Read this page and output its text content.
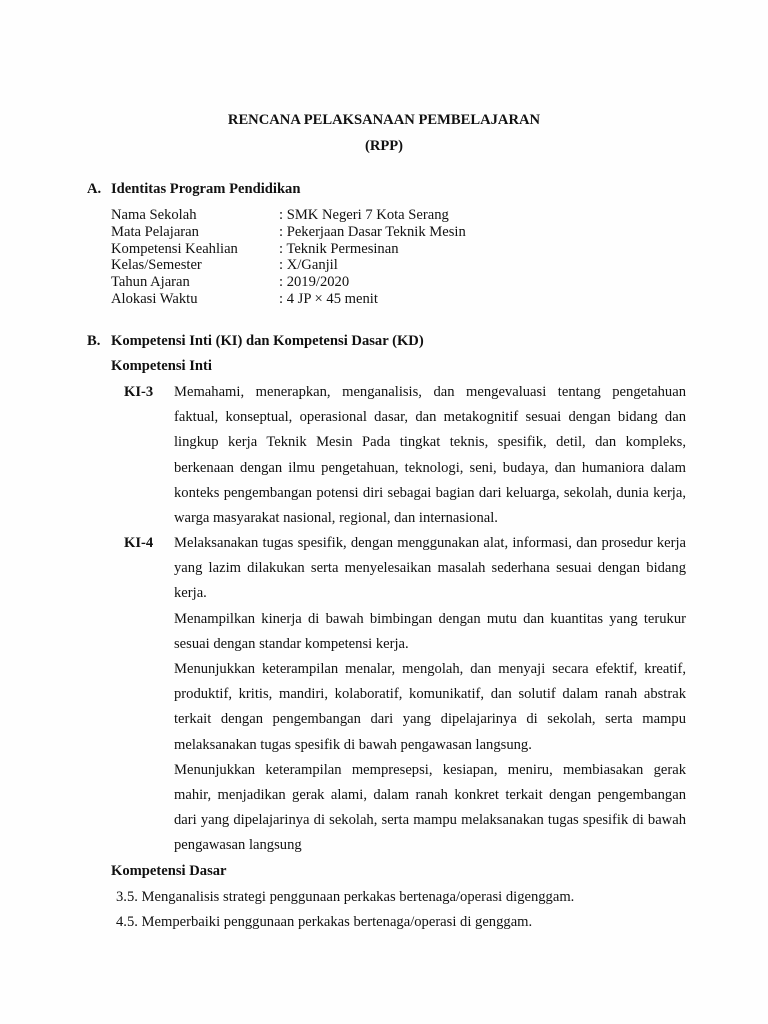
RENCANA PELAKSANAAN PEMBELAJARAN
(RPP)
A. Identitas Program Pendidikan
Nama Sekolah	: SMK Negeri 7 Kota Serang
Mata Pelajaran	: Pekerjaan Dasar Teknik Mesin
Kompetensi Keahlian	: Teknik Permesinan
Kelas/Semester	: X/Ganjil
Tahun Ajaran	: 2019/2020
Alokasi Waktu	: 4 JP × 45 menit
B. Kompetensi Inti (KI) dan Kompetensi Dasar (KD)
Kompetensi Inti
KI-3	Memahami, menerapkan, menganalisis, dan mengevaluasi tentang pengetahuan faktual, konseptual, operasional dasar, dan metakognitif sesuai dengan bidang dan lingkup kerja Teknik Mesin Pada tingkat teknis, spesifik, detil, dan kompleks, berkenaan dengan ilmu pengetahuan, teknologi, seni, budaya, dan humaniora dalam konteks pengembangan potensi diri sebagai bagian dari keluarga, sekolah, dunia kerja, warga masyarakat nasional, regional, dan internasional.

KI-4	Melaksanakan tugas spesifik, dengan menggunakan alat, informasi, dan prosedur kerja yang lazim dilakukan serta menyelesaikan masalah sederhana sesuai dengan bidang kerja.

Menampilkan kinerja di bawah bimbingan dengan mutu dan kuantitas yang terukur sesuai dengan standar kompetensi kerja.

Menunjukkan keterampilan menalar, mengolah, dan menyaji secara efektif, kreatif, produktif, kritis, mandiri, kolaboratif, komunikatif, dan solutif dalam ranah abstrak terkait dengan pengembangan dari yang dipelajarinya di sekolah, serta mampu melaksanakan tugas spesifik di bawah pengawasan langsung.

Menunjukkan keterampilan mempresepsi, kesiapan, meniru, membiasakan gerak mahir, menjadikan gerak alami, dalam ranah konkret terkait dengan pengembangan dari yang dipelajarinya di sekolah, serta mampu melaksanakan tugas spesifik di bawah pengawasan langsung

Kompetensi Dasar
3.5. Menganalisis strategi penggunaan perkakas bertenaga/operasi digenggam.
4.5. Memperbaiki penggunaan perkakas bertenaga/operasi di genggam.
